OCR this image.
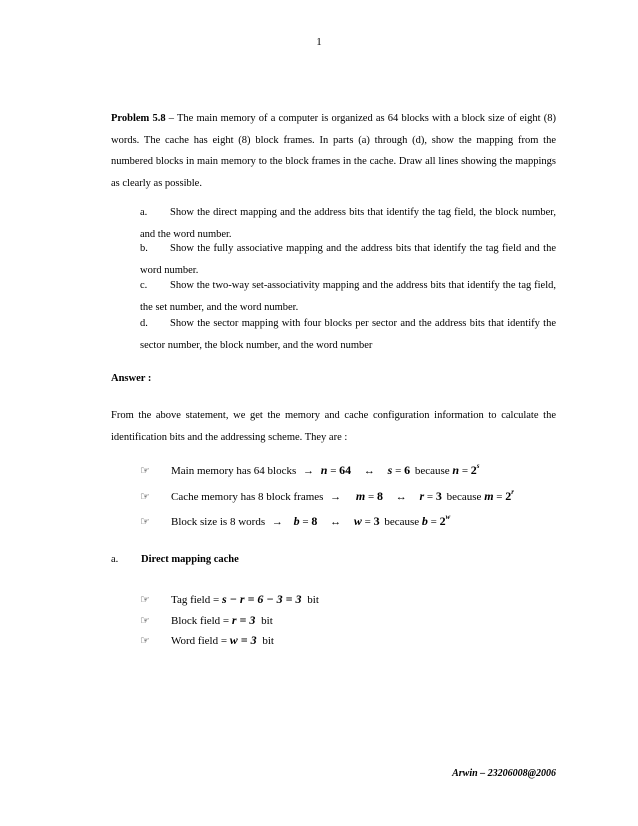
1
Problem 5.8 – The main memory of a computer is organized as 64 blocks with a block size of eight (8) words. The cache has eight (8) block frames. In parts (a) through (d), show the mapping from the numbered blocks in main memory to the block frames in the cache. Draw all lines showing the mappings as clearly as possible.
a. Show the direct mapping and the address bits that identify the tag field, the block number, and the word number.
b. Show the fully associative mapping and the address bits that identify the tag field and the word number.
c. Show the two-way set-associativity mapping and the address bits that identify the tag field, the set number, and the word number.
d. Show the sector mapping with four blocks per sector and the address bits that identify the sector number, the block number, and the word number
Answer :
From the above statement, we get the memory and cache configuration information to calculate the identification bits and the addressing scheme. They are :
☞ Main memory has 64 blocks → n = 64 ↔ s = 6 because $n = 2^s$
☞ Cache memory has 8 block frames → m = 8 ↔ r = 3 because $m = 2^r$
☞ Block size is 8 words → b = 8 ↔ w = 3 because $b = 2^w$
a. Direct mapping cache
☞ Tag field = s − r = 6 − 3 = 3 bit
☞ Block field = r = 3 bit
☞ Word field = w = 3 bit
Arwin – 23206008@2006
